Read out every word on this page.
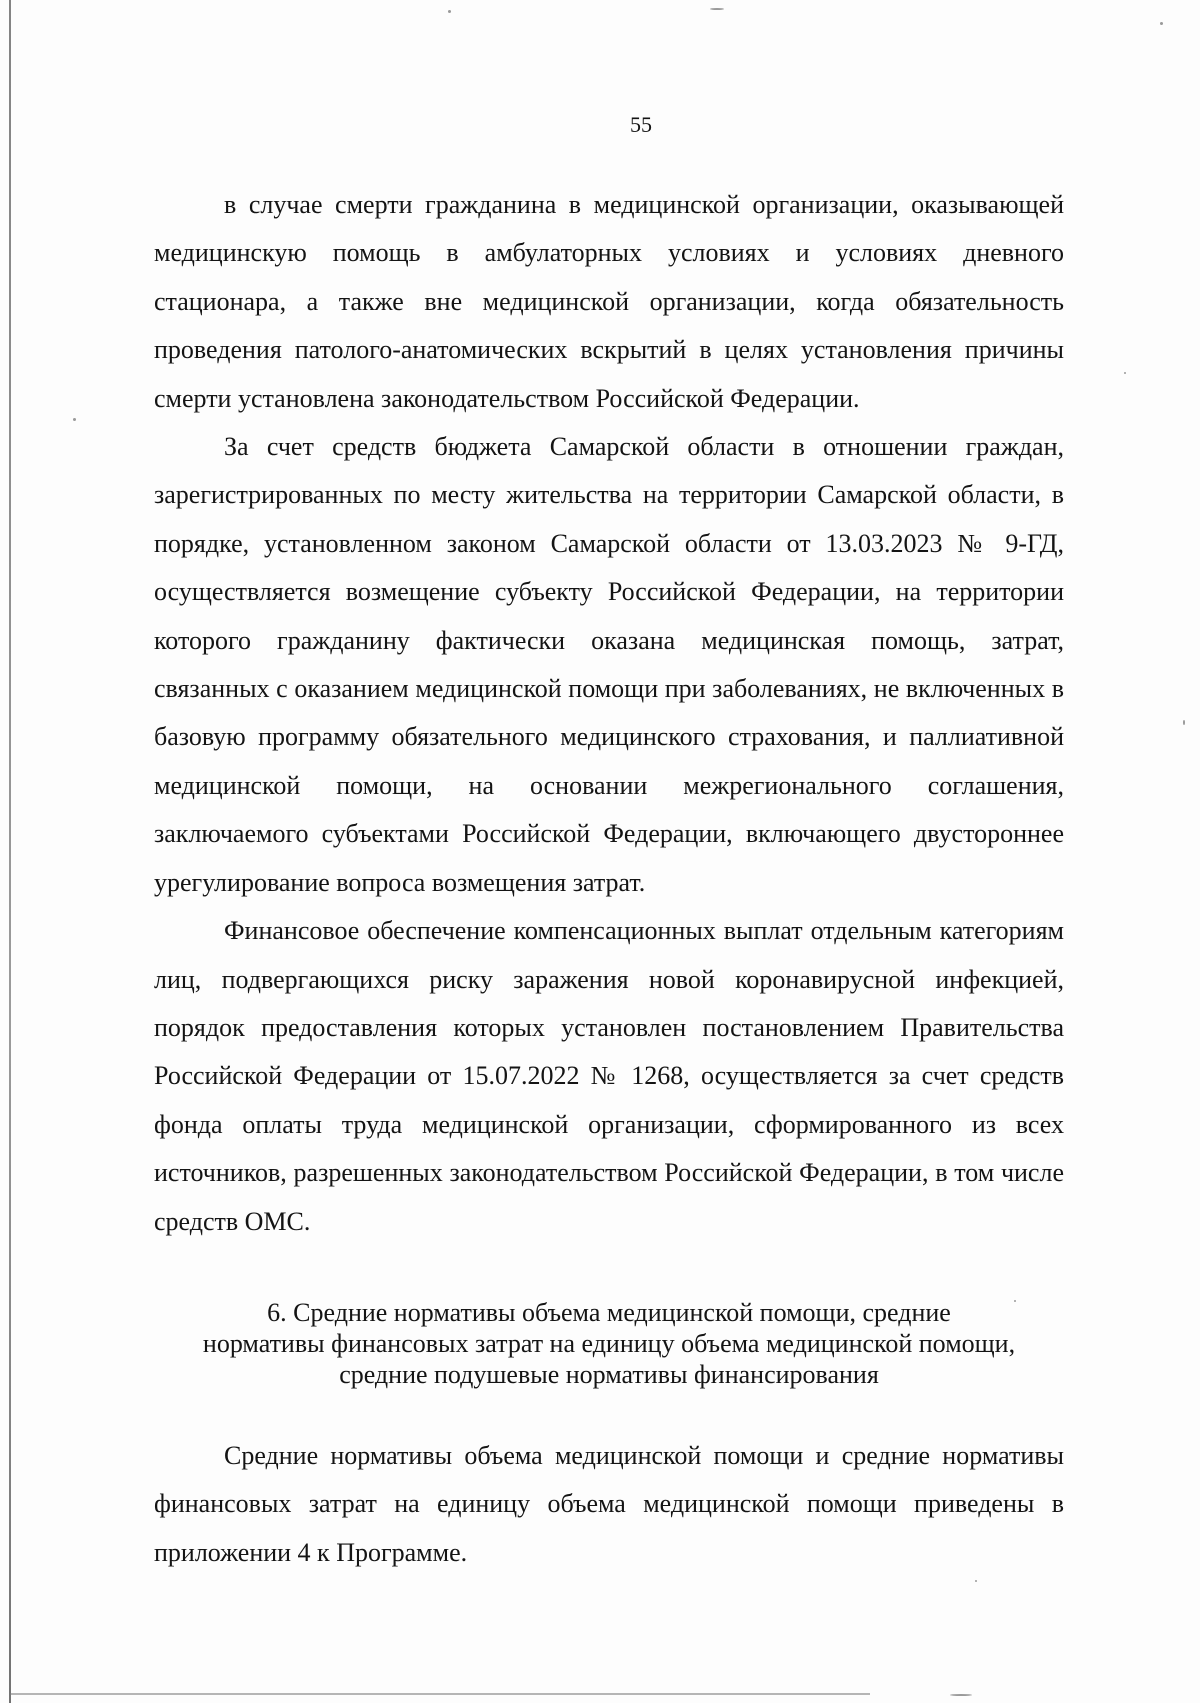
55

в случае смерти гражданина в медицинской организации, оказывающей медицинскую помощь в амбулаторных условиях и условиях дневного стационара, а также вне медицинской организации, когда обязательность проведения патолого-анатомических вскрытий в целях установления причины смерти установлена законодательством Российской Федерации.

За счет средств бюджета Самарской области в отношении граждан, зарегистрированных по месту жительства на территории Самарской области, в порядке, установленном законом Самарской области от 13.03.2023 № 9-ГД, осуществляется возмещение субъекту Российской Федерации, на территории которого гражданину фактически оказана медицинская помощь, затрат, связанных с оказанием медицинской помощи при заболеваниях, не включенных в базовую программу обязательного медицинского страхования, и паллиативной медицинской помощи, на основании межрегионального соглашения, заключаемого субъектами Российской Федерации, включающего двустороннее урегулирование вопроса возмещения затрат.

Финансовое обеспечение компенсационных выплат отдельным категориям лиц, подвергающихся риску заражения новой коронавирусной инфекцией, порядок предоставления которых установлен постановлением Правительства Российской Федерации от 15.07.2022 № 1268, осуществляется за счет средств фонда оплаты труда медицинской организации, сформированного из всех источников, разрешенных законодательством Российской Федерации, в том числе средств ОМС.

6. Средние нормативы объема медицинской помощи, средние
нормативы финансовых затрат на единицу объема медицинской помощи,
средние подушевые нормативы финансирования

Средние нормативы объема медицинской помощи и средние нормативы финансовых затрат на единицу объема медицинской помощи приведены в приложении 4 к Программе.
